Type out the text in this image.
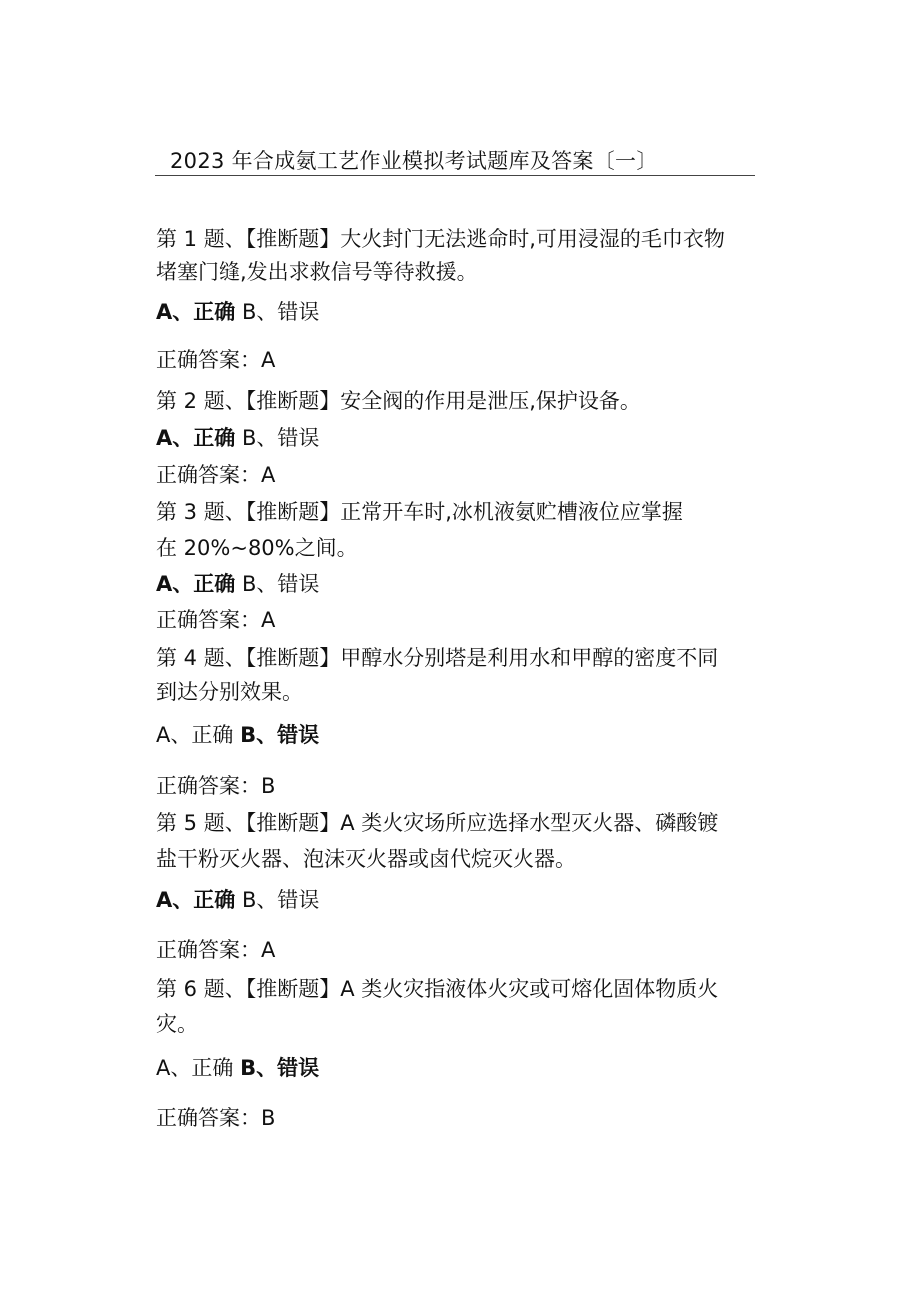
2023 年合成氨工艺作业模拟考试题库及答案〔一〕
第 1 题、【推断题】大火封门无法逃命时,可用浸湿的毛巾衣物
堵塞门缝,发出求救信号等待救援。
A、正确 B、错误
正确答案：A
第 2 题、【推断题】安全阀的作用是泄压,保护设备。
A、正确 B、错误
正确答案：A
第 3 题、【推断题】正常开车时,冰机液氨贮槽液位应掌握
在 20%~80%之间。
A、正确 B、错误
正确答案：A
第 4 题、【推断题】甲醇水分别塔是利用水和甲醇的密度不同
到达分别效果。
A、正确 B、错误
正确答案：B
第 5 题、【推断题】A 类火灾场所应选择水型灭火器、磷酸镀
盐干粉灭火器、泡沫灭火器或卤代烷灭火器。
A、正确 B、错误
正确答案：A
第 6 题、【推断题】A 类火灾指液体火灾或可熔化固体物质火
灾。
A、正确 B、错误
正确答案：B
